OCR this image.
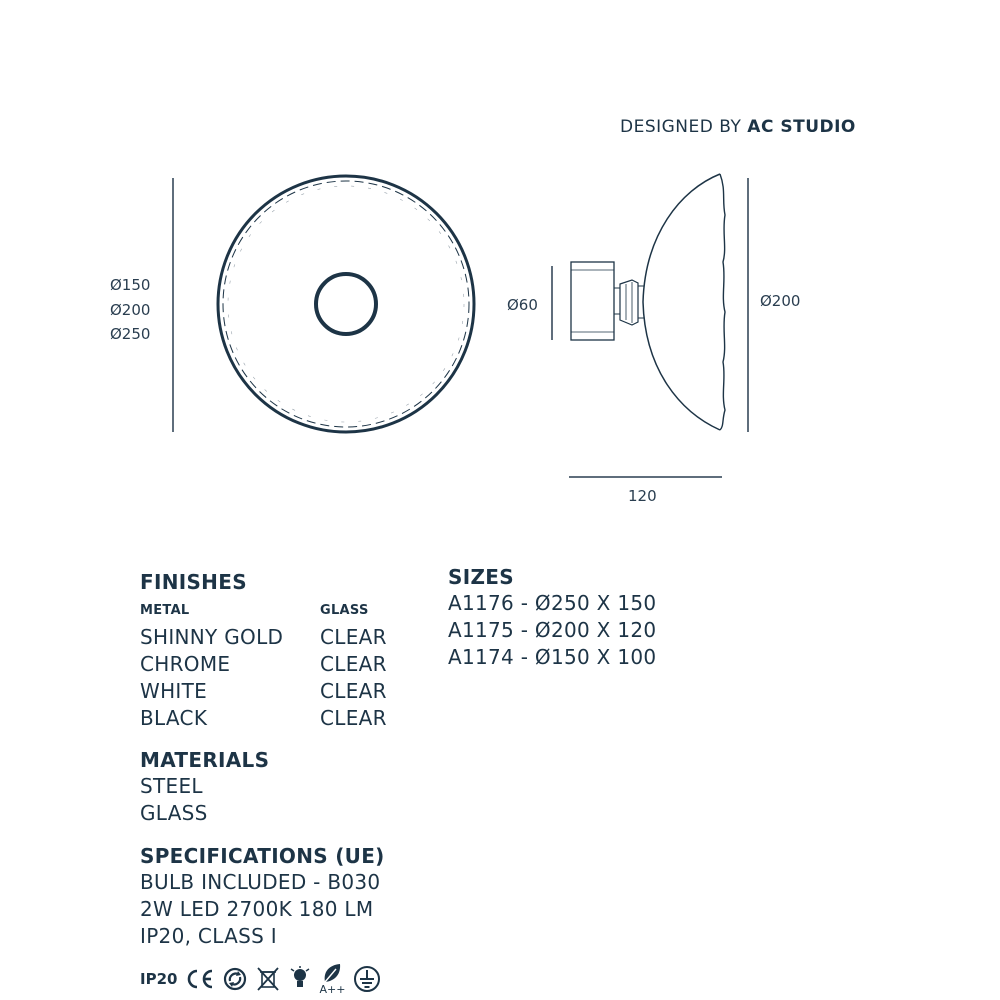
DESIGNED BY AC STUDIO
Ø150
Ø200
Ø250
Ø60	Ø200
120
FINISHES
METAL	GLASS
SHINNY GOLD	CLEAR
CHROME	CLEAR
WHITE	CLEAR
BLACK	CLEAR
MATERIALS
STEEL
GLASS
SPECIFICATIONS (UE)
BULB INCLUDED - B030
2W LED 2700K 180 LM
IP20, CLASS I
SIZES
A1176 - Ø250 X 150
A1175 - Ø200 X 120
A1174 - Ø150 X 100
IP20
A++
